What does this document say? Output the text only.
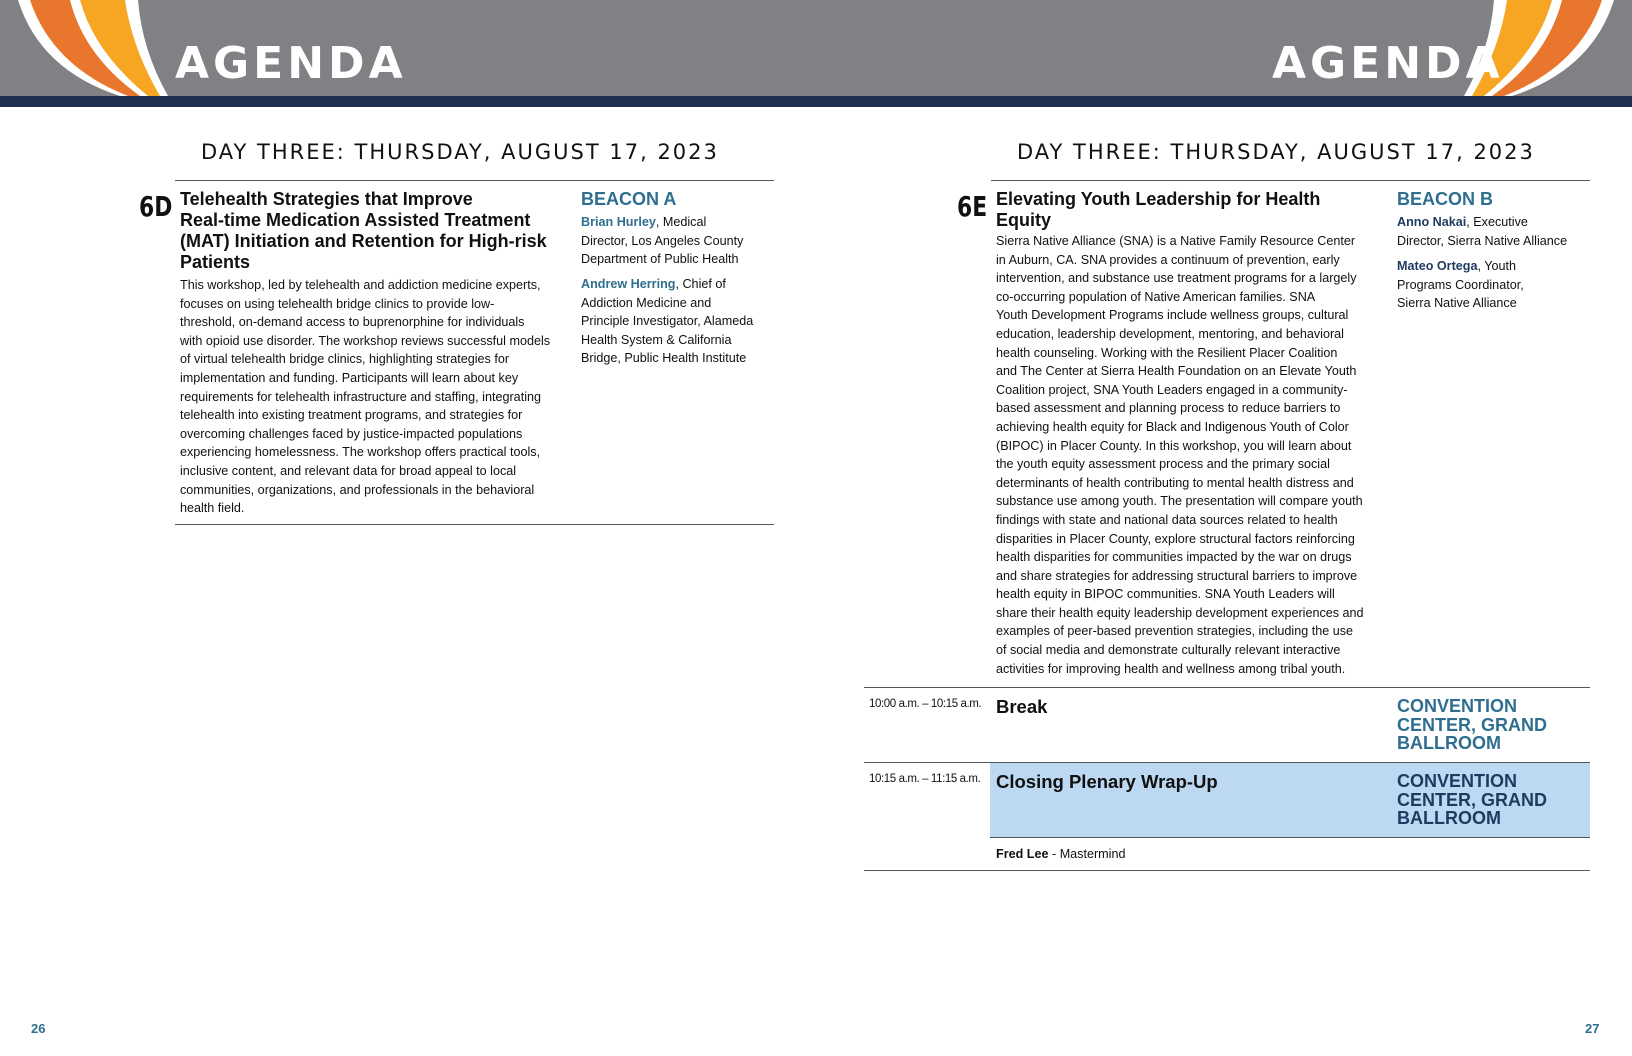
AGENDA	AGENDA
DAY THREE: THURSDAY, AUGUST 17, 2023
6D Telehealth Strategies that Improve
Real-time Medication Assisted Treatment
(MAT) Initiation and Retention for High-risk
Patients
This workshop, led by telehealth and addiction medicine experts,
focuses on using telehealth bridge clinics to provide low-
threshold, on-demand access to buprenorphine for individuals
with opioid use disorder. The workshop reviews successful models
of virtual telehealth bridge clinics, highlighting strategies for
implementation and funding. Participants will learn about key
requirements for telehealth infrastructure and staffing, integrating
telehealth into existing treatment programs, and strategies for
overcoming challenges faced by justice-impacted populations
experiencing homelessness. The workshop offers practical tools,
inclusive content, and relevant data for broad appeal to local
communities, organizations, and professionals in the behavioral
health field.
BEACON A
Brian Hurley, Medical
Director, Los Angeles County
Department of Public Health
Andrew Herring, Chief of
Addiction Medicine and
Principle Investigator, Alameda
Health System & California
Bridge, Public Health Institute
26
DAY THREE: THURSDAY, AUGUST 17, 2023
6E Elevating Youth Leadership for Health
Equity
Sierra Native Alliance (SNA) is a Native Family Resource Center
in Auburn, CA. SNA provides a continuum of prevention, early
intervention, and substance use treatment programs for a largely
co-occurring population of Native American families. SNA
Youth Development Programs include wellness groups, cultural
education, leadership development, mentoring, and behavioral
health counseling. Working with the Resilient Placer Coalition
and The Center at Sierra Health Foundation on an Elevate Youth
Coalition project, SNA Youth Leaders engaged in a community-
based assessment and planning process to reduce barriers to
achieving health equity for Black and Indigenous Youth of Color
(BIPOC) in Placer County. In this workshop, you will learn about
the youth equity assessment process and the primary social
determinants of health contributing to mental health distress and
substance use among youth. The presentation will compare youth
findings with state and national data sources related to health
disparities in Placer County, explore structural factors reinforcing
health disparities for communities impacted by the war on drugs
and share strategies for addressing structural barriers to improve
health equity in BIPOC communities. SNA Youth Leaders will
share their health equity leadership development experiences and
examples of peer-based prevention strategies, including the use
of social media and demonstrate culturally relevant interactive
activities for improving health and wellness among tribal youth.
BEACON B
Anno Nakai, Executive
Director, Sierra Native Alliance
Mateo Ortega, Youth
Programs Coordinator,
Sierra Native Alliance
10:00 a.m. – 10:15 a.m. Break	CONVENTION
CENTER, GRAND
BALLROOM
10:15 a.m. – 11:15 a.m. Closing Plenary Wrap-Up	CONVENTION
CENTER, GRAND
BALLROOM
Fred Lee - Mastermind
27
